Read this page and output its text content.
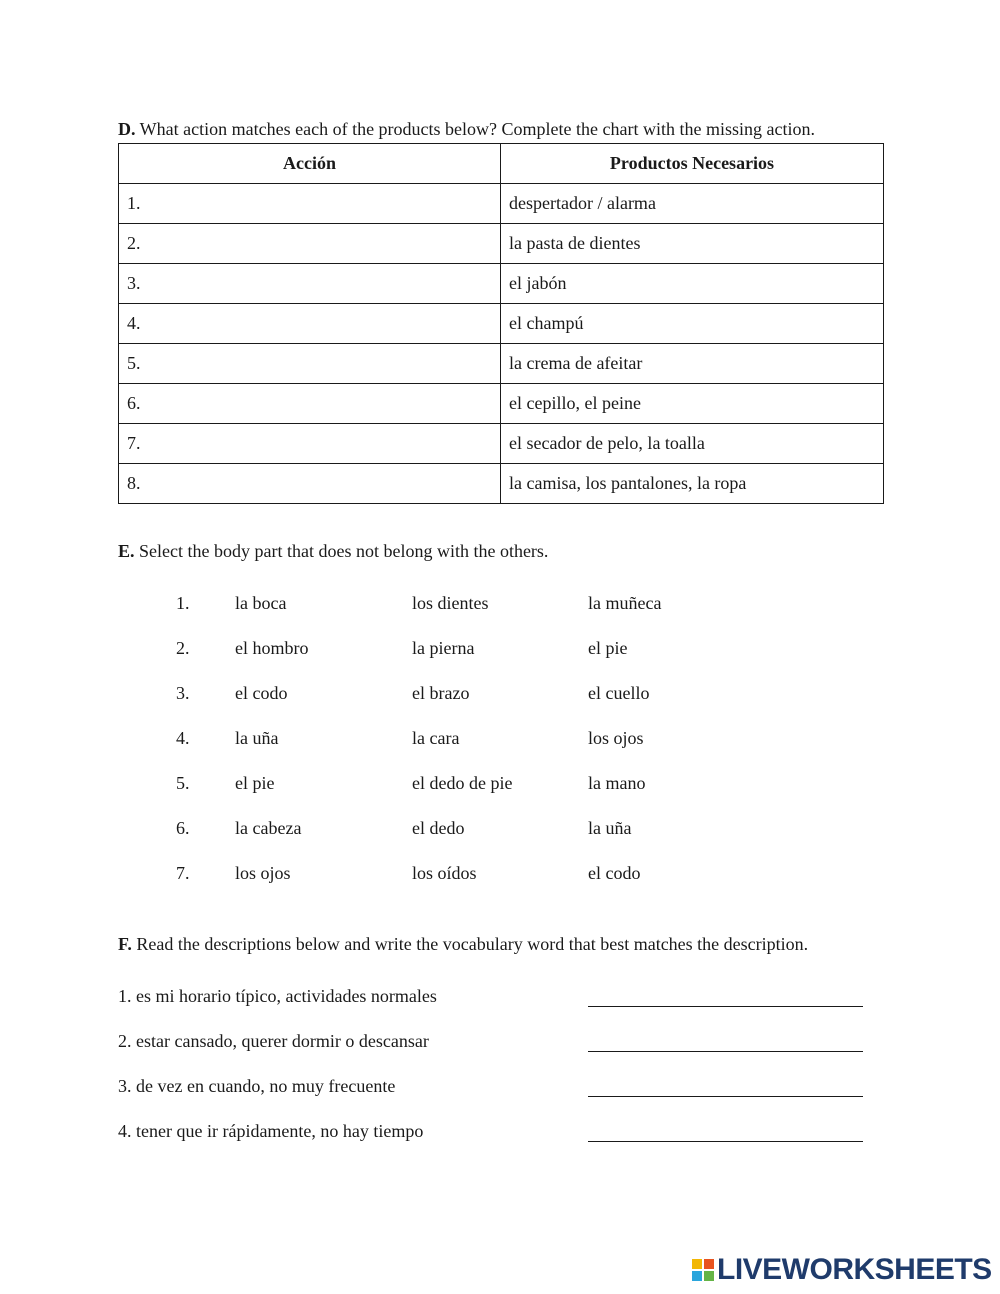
D. What action matches each of the products below? Complete the chart with the missing action.
Acción	Productos Necesarios
1.	despertador / alarma
2.	la pasta de dientes
3.	el jabón
4.	el champú
5.	la crema de afeitar
6.	el cepillo, el peine
7.	el secador de pelo, la toalla
8.	la camisa, los pantalones, la ropa
E. Select the body part that does not belong with the others.
1.	la boca	los dientes	la muñeca
2.	el hombro	la pierna	el pie
3.	el codo	el brazo	el cuello
4.	la uña	la cara	los ojos
5.	el pie	el dedo de pie	la mano
6.	la cabeza	el dedo	la uña
7.	los ojos	los oídos	el codo
F. Read the descriptions below and write the vocabulary word that best matches the description.
1. es mi horario típico, actividades normales
2. estar cansado, querer dormir o descansar
3. de vez en cuando, no muy frecuente
4. tener que ir rápidamente, no hay tiempo
LIVEWORKSHEETS
